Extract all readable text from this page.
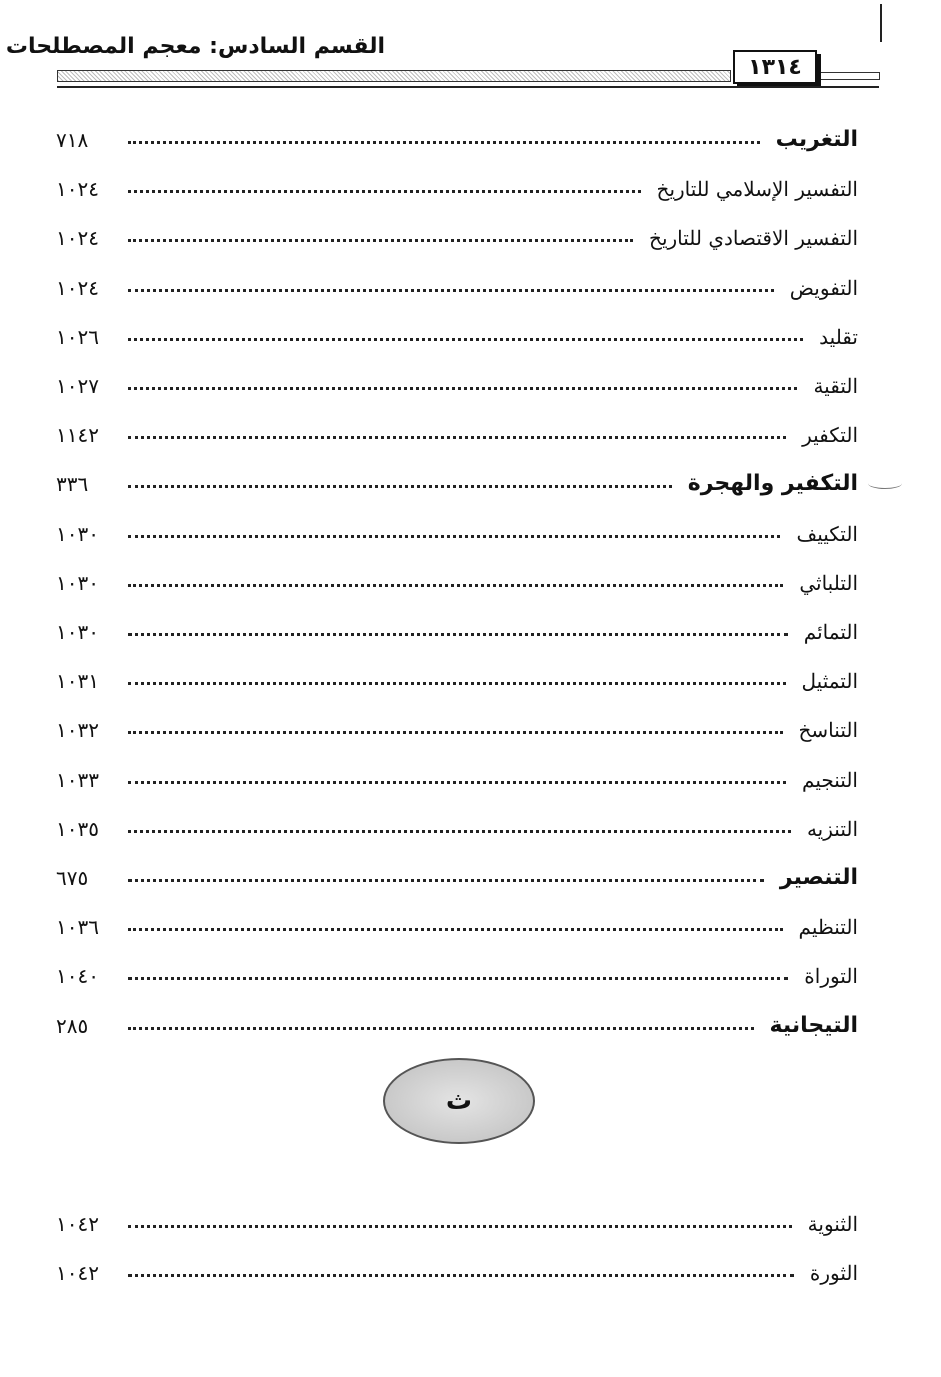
القسم السادس: معجم المصطلحات
١٣١٤
التغريب
٧١٨
التفسير الإسلامي للتاريخ
١٠٢٤
التفسير الاقتصادي للتاريخ
١٠٢٤
التفويض
١٠٢٤
تقليد
١٠٢٦
التقية
١٠٢٧
التكفير
١١٤٢
التكفير والهجرة
٣٣٦
التكييف
١٠٣٠
التلباثي
١٠٣٠
التمائم
١٠٣٠
التمثيل
١٠٣١
التناسخ
١٠٣٢
التنجيم
١٠٣٣
التنزيه
١٠٣٥
التنصير
٦٧٥
التنظيم
١٠٣٦
التوراة
١٠٤٠
التيجانية
٢٨٥
ث
الثنوية
١٠٤٢
الثورة
١٠٤٢
